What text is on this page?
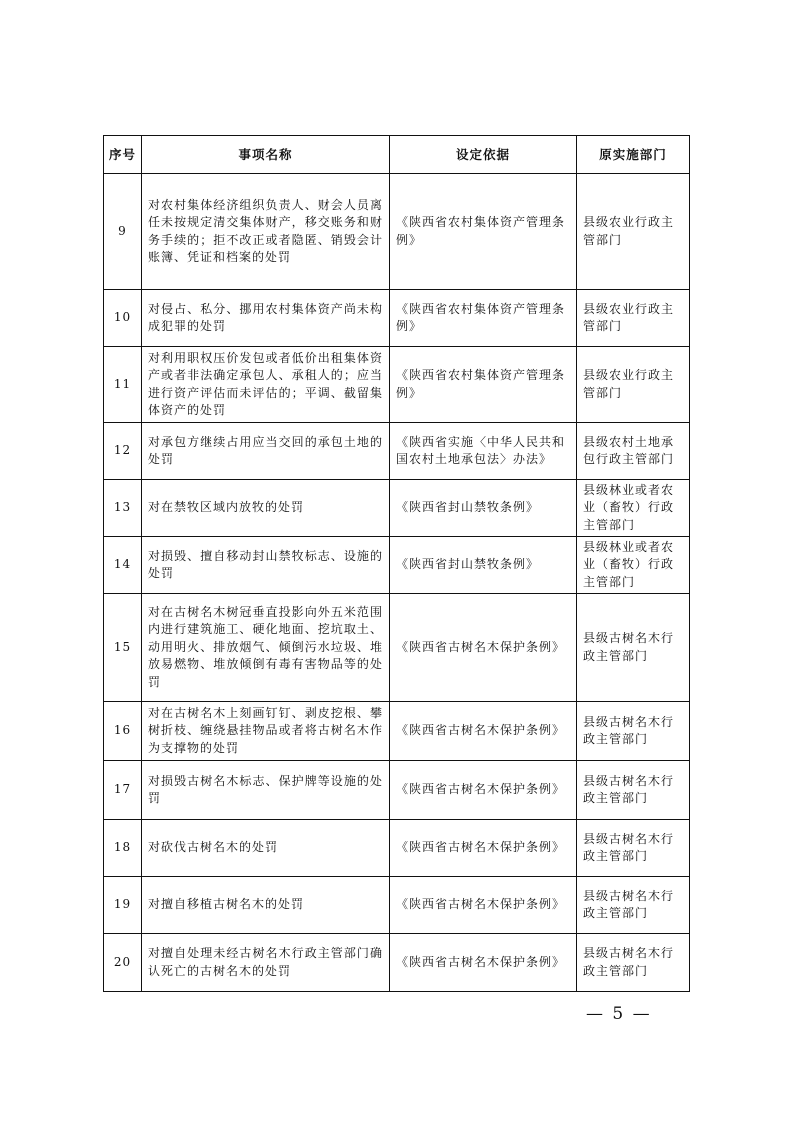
序号	事项名称	设定依据	原实施部门
9	对农村集体经济组织负责人、财会人员离任未按规定清交集体财产，移交账务和财务手续的；拒不改正或者隐匿、销毁会计账簿、凭证和档案的处罚	《陕西省农村集体资产管理条例》	县级农业行政主管部门
10	对侵占、私分、挪用农村集体资产尚未构成犯罪的处罚	《陕西省农村集体资产管理条例》	县级农业行政主管部门
11	对利用职权压价发包或者低价出租集体资产或者非法确定承包人、承租人的；应当进行资产评估而未评估的；平调、截留集体资产的处罚	《陕西省农村集体资产管理条例》	县级农业行政主管部门
12	对承包方继续占用应当交回的承包土地的处罚	《陕西省实施〈中华人民共和国农村土地承包法〉办法》	县级农村土地承包行政主管部门
13	对在禁牧区域内放牧的处罚	《陕西省封山禁牧条例》	县级林业或者农业（畜牧）行政主管部门
14	对损毁、擅自移动封山禁牧标志、设施的处罚	《陕西省封山禁牧条例》	县级林业或者农业（畜牧）行政主管部门
15	对在古树名木树冠垂直投影向外五米范围内进行建筑施工、硬化地面、挖坑取土、动用明火、排放烟气、倾倒污水垃圾、堆放易燃物、堆放倾倒有毒有害物品等的处罚	《陕西省古树名木保护条例》	县级古树名木行政主管部门
16	对在古树名木上刻画钉钉、剥皮挖根、攀树折枝、缠绕悬挂物品或者将古树名木作为支撑物的处罚	《陕西省古树名木保护条例》	县级古树名木行政主管部门
17	对损毁古树名木标志、保护牌等设施的处罚	《陕西省古树名木保护条例》	县级古树名木行政主管部门
18	对砍伐古树名木的处罚	《陕西省古树名木保护条例》	县级古树名木行政主管部门
19	对擅自移植古树名木的处罚	《陕西省古树名木保护条例》	县级古树名木行政主管部门
20	对擅自处理未经古树名木行政主管部门确认死亡的古树名木的处罚	《陕西省古树名木保护条例》	县级古树名木行政主管部门
— 5 —
